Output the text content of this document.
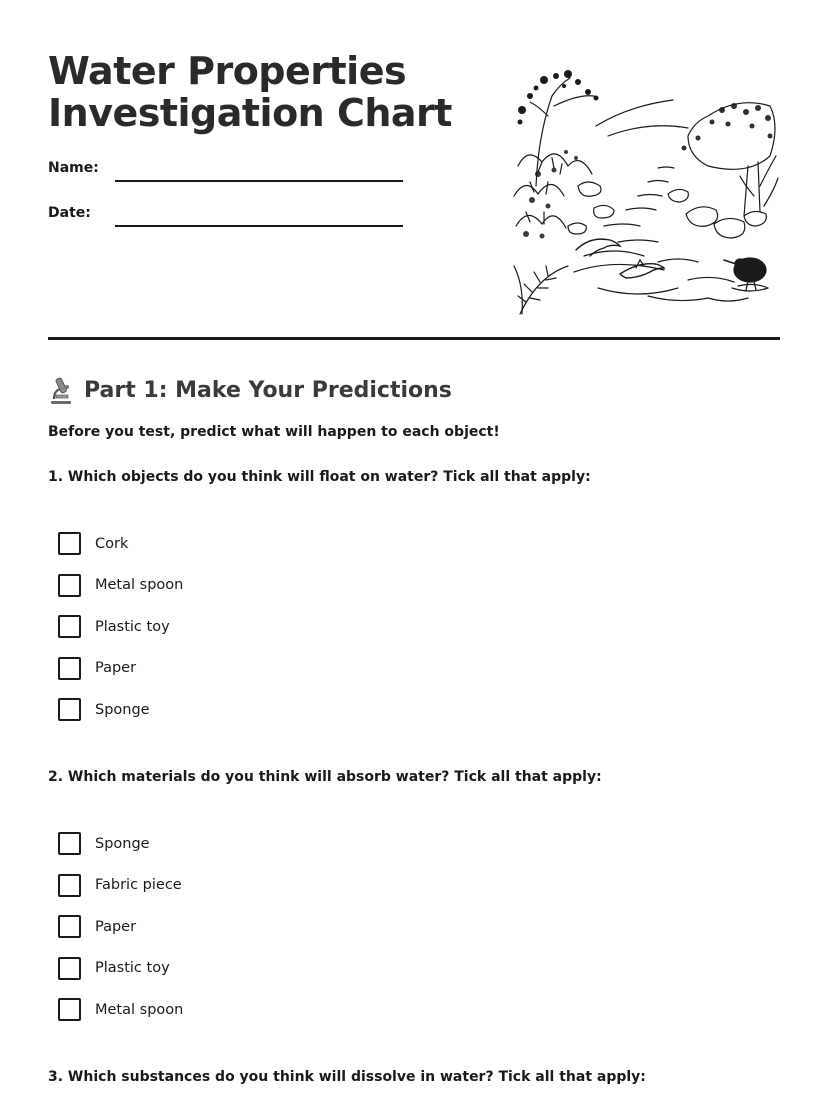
Water Properties
Investigation Chart
Name:
Date:
Part 1: Make Your Predictions
Before you test, predict what will happen to each object!
1. Which objects do you think will float on water? Tick all that apply:
Cork
Metal spoon
Plastic toy
Paper
Sponge
2. Which materials do you think will absorb water? Tick all that apply:
Sponge
Fabric piece
Paper
Plastic toy
Metal spoon
3. Which substances do you think will dissolve in water? Tick all that apply:
